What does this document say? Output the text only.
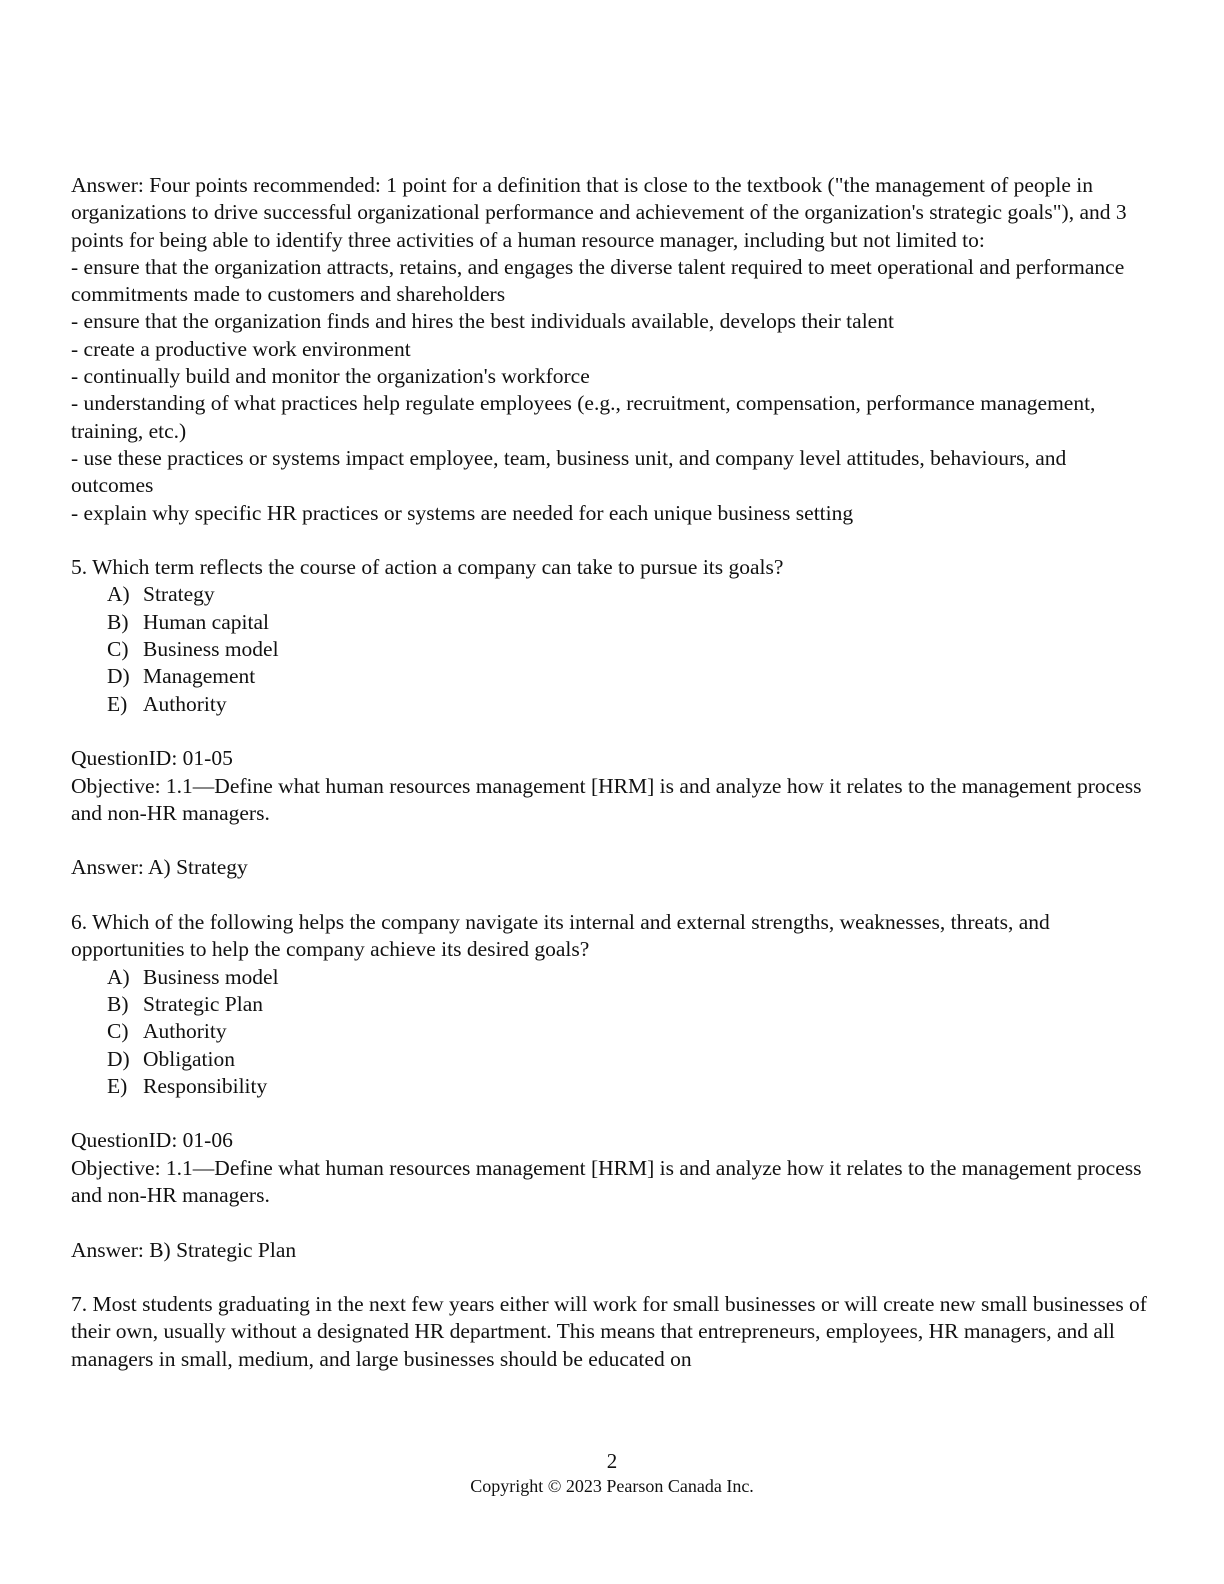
Answer: Four points recommended: 1 point for a definition that is close to the textbook ("the management of people in organizations to drive successful organizational performance and achievement of the organization's strategic goals"), and 3 points for being able to identify three activities of a human resource manager, including but not limited to:

- ensure that the organization attracts, retains, and engages the diverse talent required to meet operational and performance commitments made to customers and shareholders

- ensure that the organization finds and hires the best individuals available, develops their talent

- create a productive work environment

- continually build and monitor the organization's workforce

- understanding of what practices help regulate employees (e.g., recruitment, compensation, performance management, training, etc.)

- use these practices or systems impact employee, team, business unit, and company level attitudes, behaviours, and outcomes

- explain why specific HR practices or systems are needed for each unique business setting

5. Which term reflects the course of action a company can take to pursue its goals?

A) Strategy
B) Human capital
C) Business model
D) Management
E) Authority

QuestionID: 01-05

Objective: 1.1—Define what human resources management [HRM] is and analyze how it relates to the management process and non-HR managers.

Answer: A) Strategy

6. Which of the following helps the company navigate its internal and external strengths, weaknesses, threats, and opportunities to help the company achieve its desired goals?

A) Business model
B) Strategic Plan
C) Authority
D) Obligation
E) Responsibility

QuestionID: 01-06

Objective: 1.1—Define what human resources management [HRM] is and analyze how it relates to the management process and non-HR managers.

Answer: B) Strategic Plan

7. Most students graduating in the next few years either will work for small businesses or will create new small businesses of their own, usually without a designated HR department. This means that entrepreneurs, employees, HR managers, and all managers in small, medium, and large businesses should be educated on

2
Copyright © 2023 Pearson Canada Inc.
